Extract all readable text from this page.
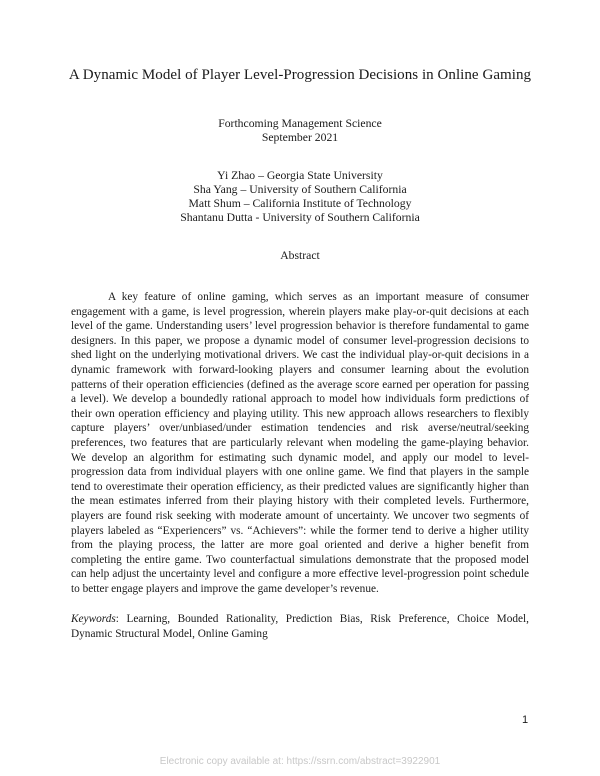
A Dynamic Model of Player Level-Progression Decisions in Online Gaming
Forthcoming Management Science
September 2021
Yi Zhao – Georgia State University
Sha Yang – University of Southern California
Matt Shum – California Institute of Technology
Shantanu Dutta - University of Southern California
Abstract

A key feature of online gaming, which serves as an important measure of consumer engagement with a game, is level progression, wherein players make play-or-quit decisions at each level of the game. Understanding users’ level progression behavior is therefore fundamental to game designers. In this paper, we propose a dynamic model of consumer level-progression decisions to shed light on the underlying motivational drivers. We cast the individual play-or-quit decisions in a dynamic framework with forward-looking players and consumer learning about the evolution patterns of their operation efficiencies (defined as the average score earned per operation for passing a level). We develop a boundedly rational approach to model how individuals form predictions of their own operation efficiency and playing utility. This new approach allows researchers to flexibly capture players’ over/unbiased/under estimation tendencies and risk averse/neutral/seeking preferences, two features that are particularly relevant when modeling the game-playing behavior. We develop an algorithm for estimating such dynamic model, and apply our model to level-progression data from individual players with one online game. We find that players in the sample tend to overestimate their operation efficiency, as their predicted values are significantly higher than the mean estimates inferred from their playing history with their completed levels. Furthermore, players are found risk seeking with moderate amount of uncertainty. We uncover two segments of players labeled as “Experiencers” vs. “Achievers”: while the former tend to derive a higher utility from the playing process, the latter are more goal oriented and derive a higher benefit from completing the entire game. Two counterfactual simulations demonstrate that the proposed model can help adjust the uncertainty level and configure a more effective level-progression point schedule to better engage players and improve the game developer’s revenue.

Keywords: Learning, Bounded Rationality, Prediction Bias, Risk Preference, Choice Model, Dynamic Structural Model, Online Gaming
1
Electronic copy available at: https://ssrn.com/abstract=3922901
